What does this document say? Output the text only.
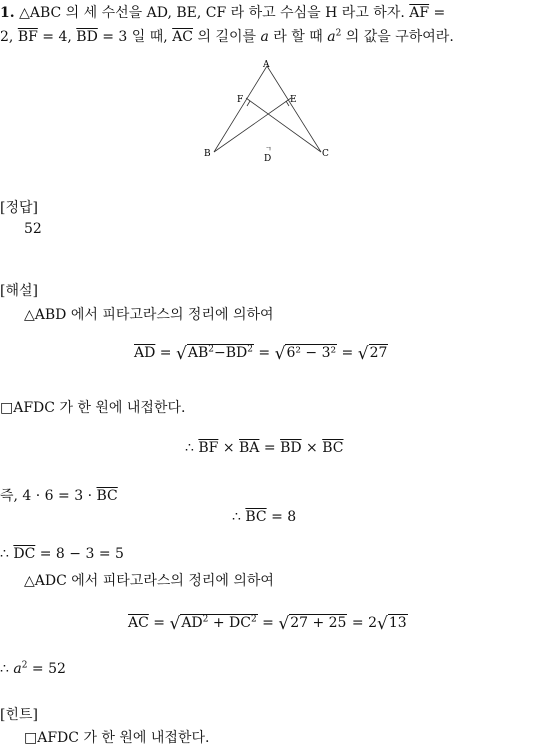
1. △ABC 의 세 수선을 AD, BE, CF 라 하고 수심을 H 라고 하자. $\overline{AF}$ =
2, $\overline{BF} = 4$, $\overline{BD} = 3$ 일 때, $\overline{AC}$ 의 길이를 a 라 할 때 $a^2$ 의 값을 구하여라.
A
F	E
B	C
ㄱ
D
[정답]
52
[해설]
△ABD 에서 피타고라스의 정리에 의하여
$\overline{AD} = √AB^2-\overline{BD}^2 = √6^2 - 3^2 = √27$
□AFDC 가 한 원에 내접한다.
∴ $\overline{BF} \times \overline{BA} = \overline{BD} \times \overline{BC}$
즉, $4 \cdot 6 = 3 \cdot \overline{BC}$
∴ $\overline{BC} = 8$
∴ $\overline{DC} = 8 - 3 = 5$
△ADC 에서 피타고라스의 정리에 의하여
$\overline{AC} = √AD^2 + \overline{DC}^2 = √27 + 25 = 2√13$
∴ $a^2 = 52$
[힌트]
□AFDC 가 한 원에 내접한다.
